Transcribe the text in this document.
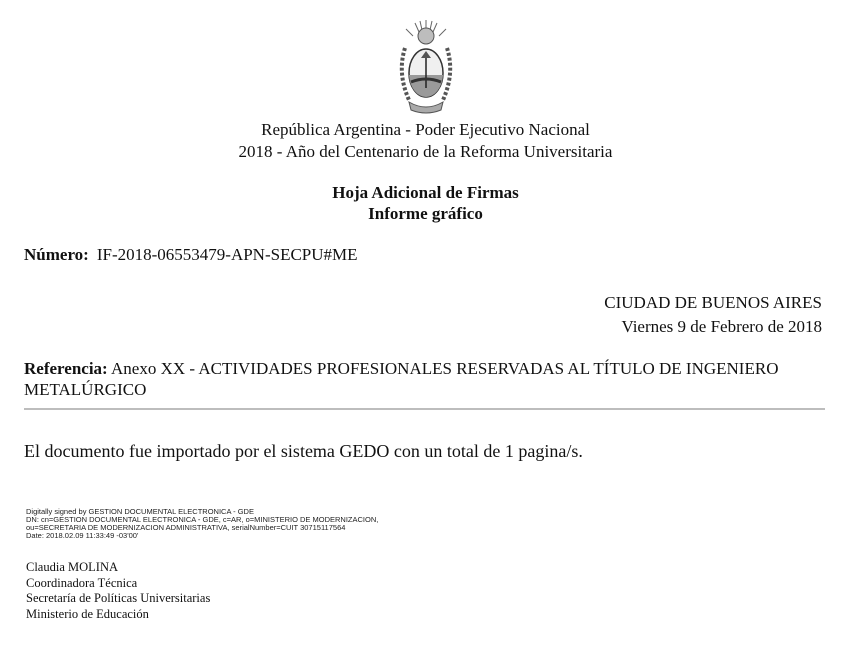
República Argentina - Poder Ejecutivo Nacional
2018 - Año del Centenario de la Reforma Universitaria
Hoja Adicional de Firmas
Informe gráfico
Número: IF-2018-06553479-APN-SECPU#ME
CIUDAD DE BUENOS AIRES
Viernes 9 de Febrero de 2018
Referencia: Anexo XX - ACTIVIDADES PROFESIONALES RESERVADAS AL TÍTULO DE INGENIERO METALÚRGICO
El documento fue importado por el sistema GEDO con un total de 1 pagina/s.
Digitally signed by GESTION DOCUMENTAL ELECTRONICA - GDE
DN: cn=GESTION DOCUMENTAL ELECTRONICA - GDE, c=AR, o=MINISTERIO DE MODERNIZACION,
ou=SECRETARIA DE MODERNIZACION ADMINISTRATIVA, serialNumber=CUIT 30715117564
Date: 2018.02.09 11:33:49 -03'00'
Claudia MOLINA
Coordinadora Técnica
Secretaría de Políticas Universitarias
Ministerio de Educación
